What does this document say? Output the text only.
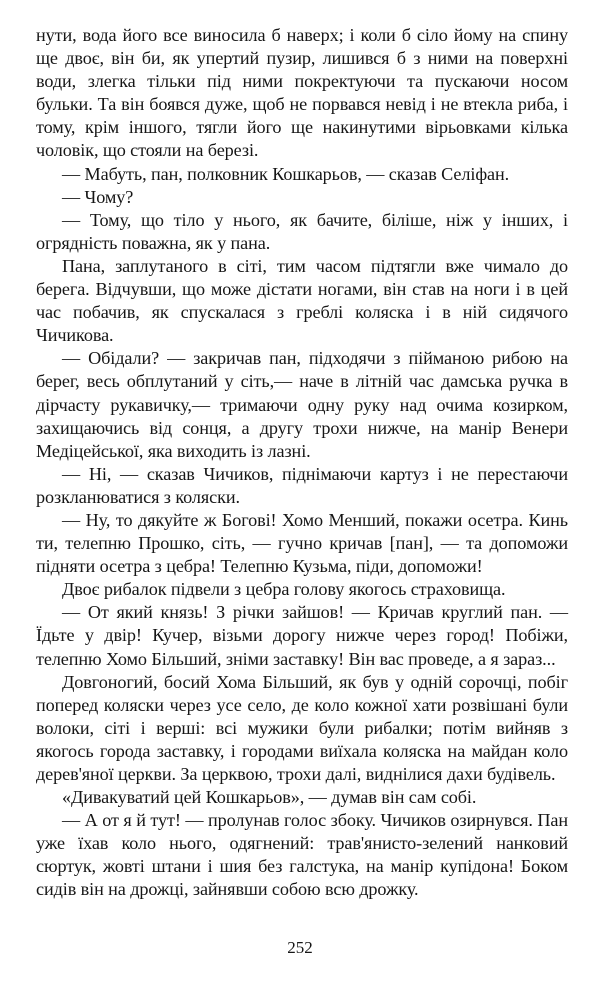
нути, вода його все виносила б наверх; і коли б сіло йому на спину ще двоє, він би, як упертий пузир, лишився б з ними на поверхні води, злегка тільки під ними покректуючи та пускаючи носом бульки. Та він боявся дуже, щоб не порвався невід і не втекла риба, і тому, крім іншого, тягли його ще накинутими вірьовками кілька чоловік, що стояли на березі.

— Мабуть, пан, полковник Кошкарьов, — сказав Селіфан.

— Чому?

— Тому, що тіло у нього, як бачите, біліше, ніж у інших, і огрядність поважна, як у пана.

Пана, заплутаного в сіті, тим часом підтягли вже чимало до берега. Відчувши, що може дістати ногами, він став на ноги і в цей час побачив, як спускалася з греблі коляска і в ній сидячого Чичикова.

— Обідали? — закричав пан, підходячи з пійманою рибою на берег, весь обплутаний у сіть,— наче в літній час дамська ручка в дірчасту рукавичку,— тримаючи одну руку над очима козирком, захищаючись від сонця, а другу трохи нижче, на манір Венери Медіцейської, яка виходить із лазні.

— Ні, — сказав Чичиков, піднімаючи картуз і не перестаючи розкланюватися з коляски.

— Ну, то дякуйте ж Богові! Хомо Менший, покажи осетра. Кинь ти, телепню Прошко, сіть, — гучно кричав [пан], — та допоможи підняти осетра з цебра! Телепню Кузьма, піди, допоможи!

Двоє рибалок підвели з цебра голову якогось страховища.

— От який князь! З річки зайшов! — Кричав круглий пан. — Їдьте у двір! Кучер, візьми дорогу нижче через город! Побіжи, телепню Хомо Більший, зніми заставку! Він вас проведе, а я зараз...

Довгоногий, босий Хома Більший, як був у одній сорочці, побіг поперед коляски через усе село, де коло кожної хати розвішані були волоки, сіті і верші: всі мужики були рибалки; потім вийняв з якогось города заставку, і городами виїхала коляска на майдан коло дерев'яної церкви. За церквою, трохи далі, виднілися дахи будівель.

«Дивакуватий цей Кошкарьов», — думав він сам собі.

— А от я й тут! — пролунав голос збоку. Чичиков озирнувся. Пан уже їхав коло нього, одягнений: трав'янисто-зелений нанковий сюртук, жовті штани і шия без галстука, на манір купідона! Боком сидів він на дрожці, зайнявши собою всю дрожку.

252
